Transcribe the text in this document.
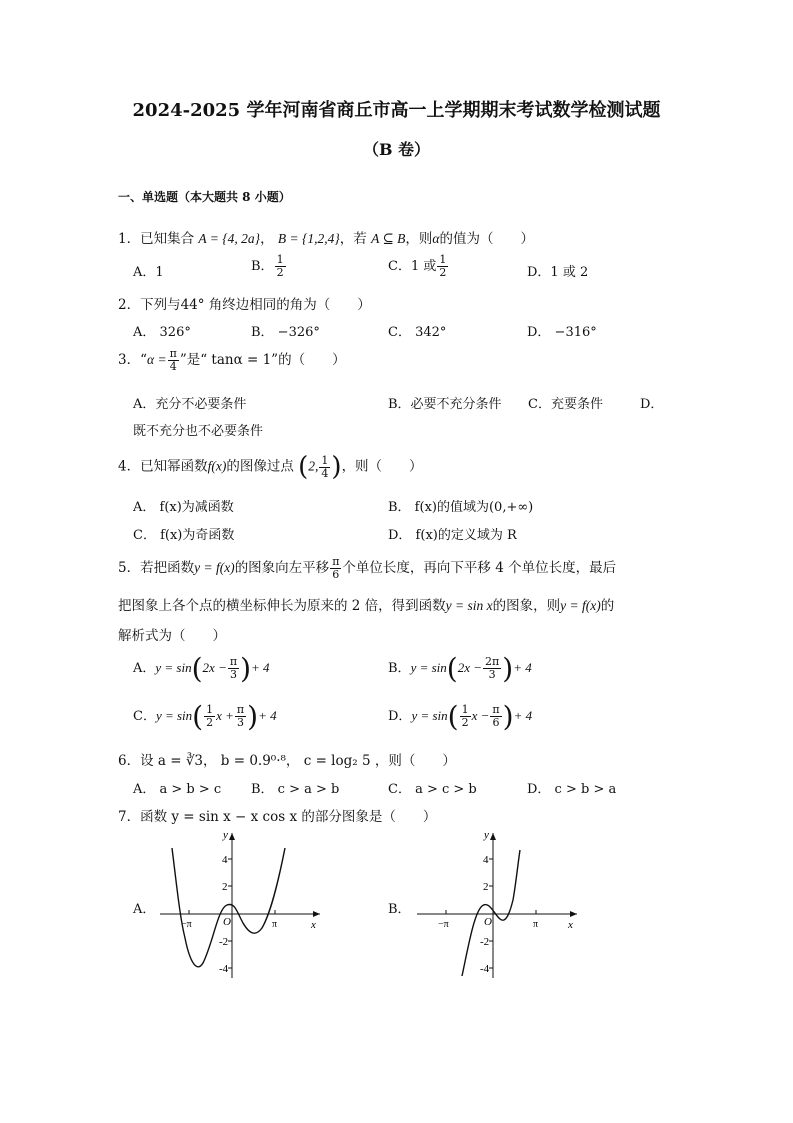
2024-2025 学年河南省商丘市高一上学期期末考试数学检测试题
（B 卷）
一、单选题（本大题共 8 小题）
1．已知集合 A = {4, 2a}， B = {1,2,4}，若 A ⊆ B，则α的值为（　　）
A．1	B． $\frac{1}{2}$	C．1 或 $\frac{1}{2}$	D．1 或 2
2．下列与44° 角终边相同的角为（　　）
A． 326°	B． −326°	C． 342°	D． −316°
3．“$\alpha = \frac{\pi}{4}$ ”是“ tanα = 1”的（　　）
A．充分不必要条件	B．必要不充分条件 C．充要条件	D．
既不充分也不必要条件
4．已知幂函数f(x)的图像过点 (2, $\frac{1}{4}$ )，则（　　）
A． f(x)为减函数	B． f(x)的值域为(0,+∞)
C． f(x)为奇函数	D． f(x)的定义域为 R
5．若把函数y = f(x)的图象向左平移 $\frac{\pi}{6}$ 个单位长度，再向下平移 4 个单位长度，最后
把图象上各个点的横坐标伸长为原来的 2 倍，得到函数y = sin x的图象，则y = f(x)的
解析式为（　　）
A．$y = \sin(2x - \frac{\pi}{3}$ )+ 4	B．$y = \sin(2x - \frac{2\pi}{3}$ )+ 4
C．$y = \sin( \frac{1}{2}$ $x + \frac{\pi}{3}$ )+ 4	D．$y = \sin( \frac{1}{2}$ $x - \frac{\pi}{6}$ )+ 4
6．设 a = ∛3， b = 0.9⁰·⁸， c = log₂ 5 ，则（　　）
A． a > b > c B． c > a > b	C． a > c > b	D． c > b > a
7．函数 y = sin x − x cos x 的部分图象是（　　）
A．	B．
y
x
4
2
-2
-4
O
−π	π
y
x
4
2
-2
-4
O
−π	π
